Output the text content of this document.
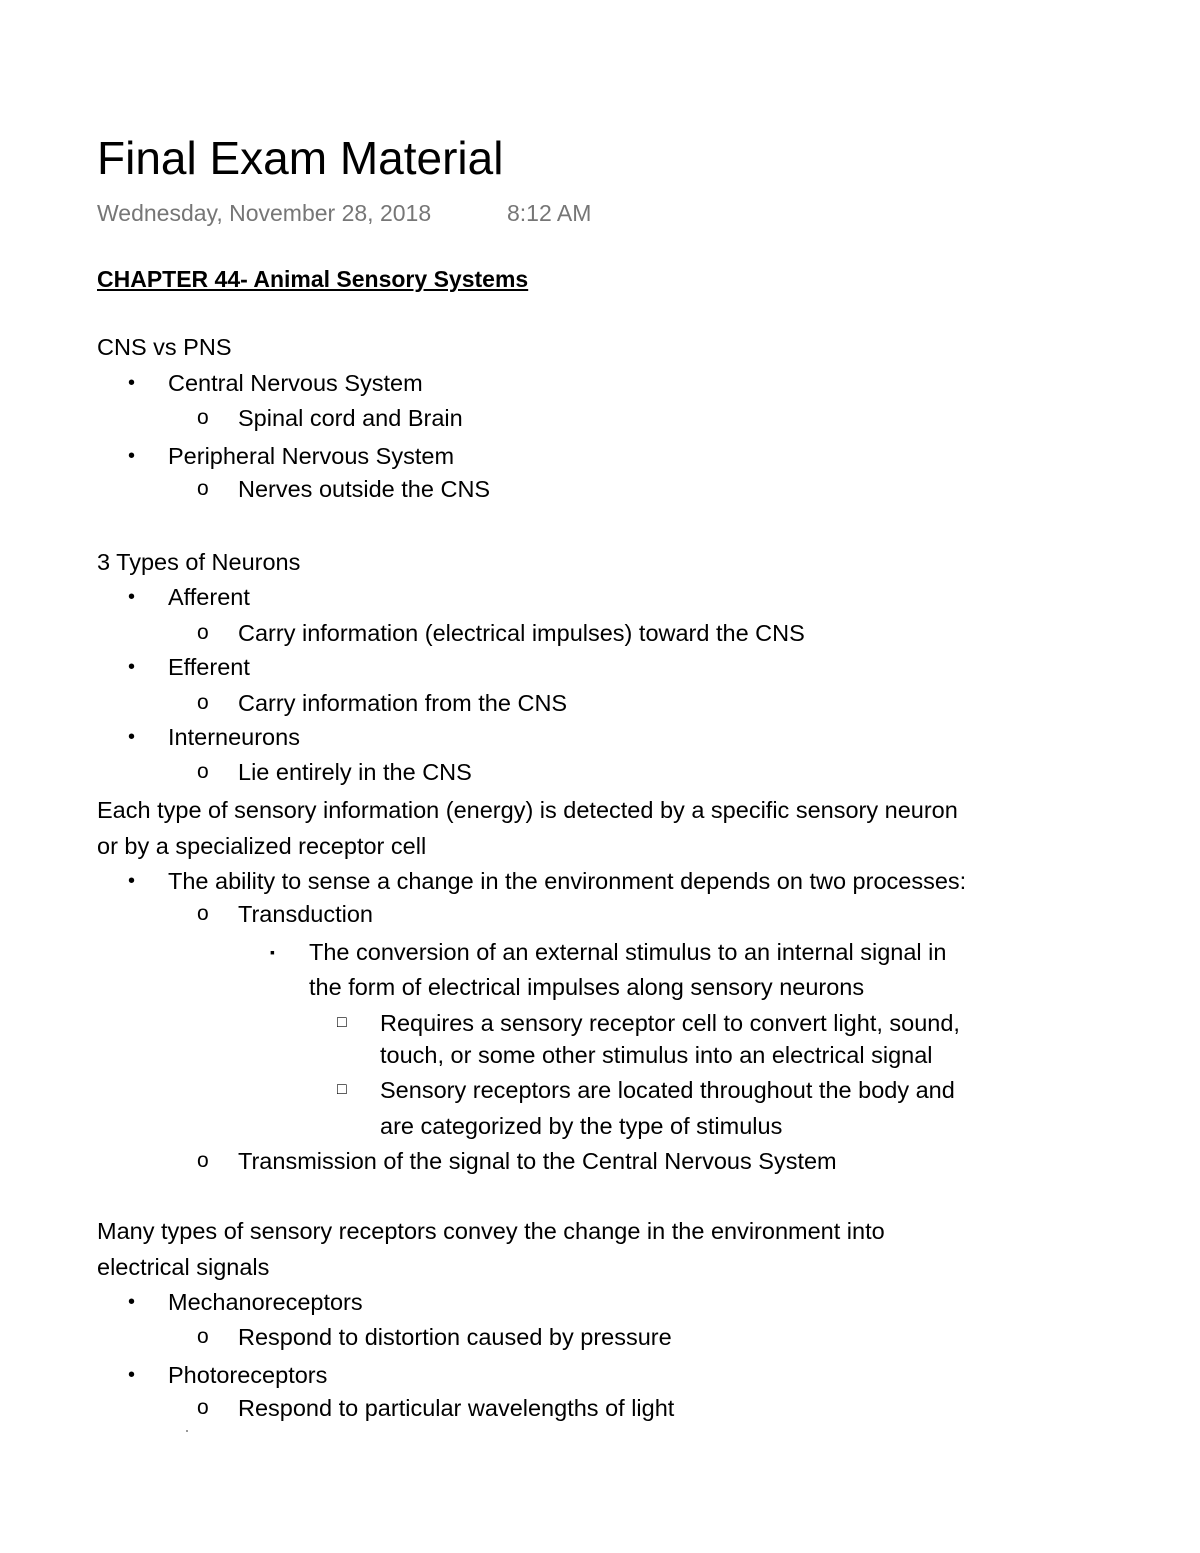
Final Exam Material
Wednesday, November 28, 2018	8:12 AM
CHAPTER 44- Animal Sensory Systems
CNS vs PNS
• Central Nervous System
o Spinal cord and Brain
• Peripheral Nervous System
o Nerves outside the CNS
3 Types of Neurons
• Afferent
o Carry information (electrical impulses) toward the CNS
• Efferent
o Carry information from the CNS
• Interneurons
o Lie entirely in the CNS
Each type of sensory information (energy) is detected by a specific sensory neuron
or by a specialized receptor cell
• The ability to sense a change in the environment depends on two processes:
o Transduction
▪ The conversion of an external stimulus to an internal signal in
the form of electrical impulses along sensory neurons
□ Requires a sensory receptor cell to convert light, sound,
touch, or some other stimulus into an electrical signal
□ Sensory receptors are located throughout the body and
are categorized by the type of stimulus
o Transmission of the signal to the Central Nervous System
Many types of sensory receptors convey the change in the environment into
electrical signals
• Mechanoreceptors
o Respond to distortion caused by pressure
• Photoreceptors
o Respond to particular wavelengths of light
